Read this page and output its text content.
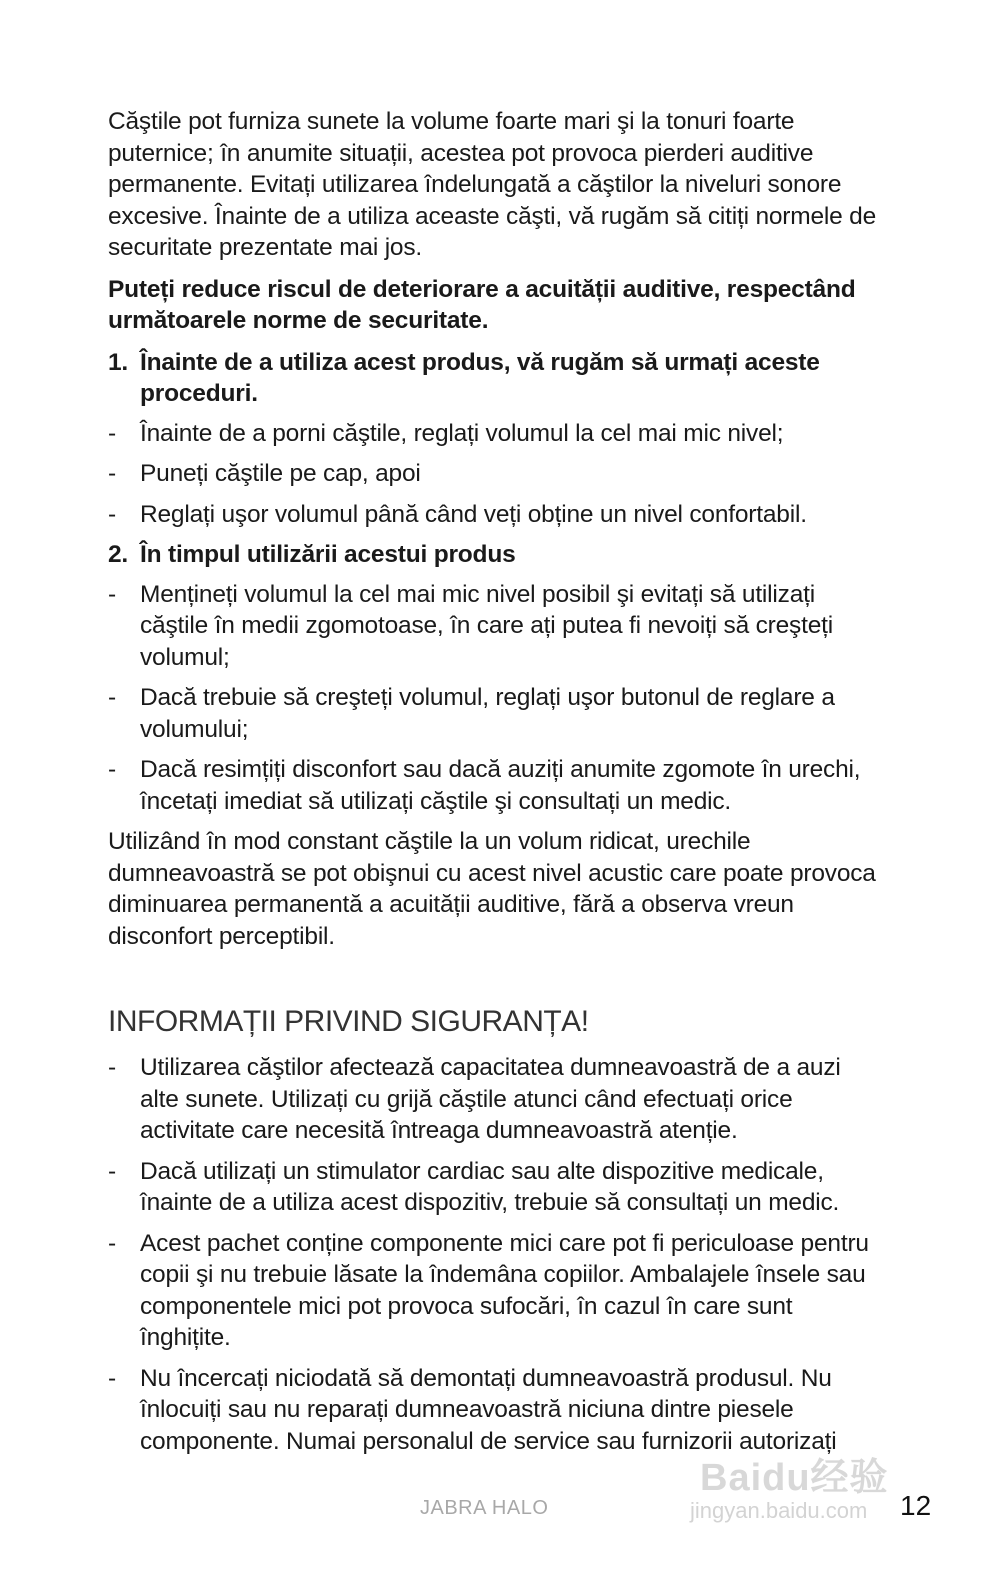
Căştile pot furniza sunete la volume foarte mari şi la tonuri foarte puternice; în anumite situații, acestea pot provoca pierderi auditive permanente. Evitați utilizarea îndelungată a căştilor la niveluri sonore excesive. Înainte de a utiliza aceaste căşti, vă rugăm să citiți normele de securitate prezentate mai jos.

Puteți reduce riscul de deteriorare a acuității auditive, respectând următoarele norme de securitate.

1. Înainte de a utiliza acest produs, vă rugăm să urmați aceste proceduri.
- Înainte de a porni căştile, reglați volumul la cel mai mic nivel;
- Puneți căştile pe cap, apoi
- Reglați uşor volumul până când veți obține un nivel confortabil.
2. În timpul utilizării acestui produs
- Mențineți volumul la cel mai mic nivel posibil şi evitați să utilizați căştile în medii zgomotoase, în care ați putea fi nevoiți să creşteți volumul;
- Dacă trebuie să creşteți volumul, reglați uşor butonul de reglare a volumului;
- Dacă resimțiți disconfort sau dacă auziți anumite zgomote în urechi, încetați imediat să utilizați căştile şi consultați un medic.

Utilizând în mod constant căştile la un volum ridicat, urechile dumneavoastră se pot obişnui cu acest nivel acustic care poate provoca diminuarea permanentă a acuității auditive, fără a observa vreun disconfort perceptibil.

INFORMAȚII PRIVIND SIGURANȚA!
- Utilizarea căştilor afectează capacitatea dumneavoastră de a auzi alte sunete. Utilizați cu grijă căştile atunci când efectuați orice activitate care necesită întreaga dumneavoastră atenție.
- Dacă utilizați un stimulator cardiac sau alte dispozitive medicale, înainte de a utiliza acest dispozitiv, trebuie să consultați un medic.
- Acest pachet conține componente mici care pot fi periculoase pentru copii şi nu trebuie lăsate la îndemâna copiilor. Ambalajele însele sau componentele mici pot provoca sufocări, în cazul în care sunt înghițite.
- Nu încercați niciodată să demontați dumneavoastră produsul. Nu înlocuiți sau nu reparați dumneavoastră niciuna dintre piesele componente. Numai personalul de service sau furnizorii autorizați
Baidu经验
jingyan.baidu.com
JABRA HALO	12
